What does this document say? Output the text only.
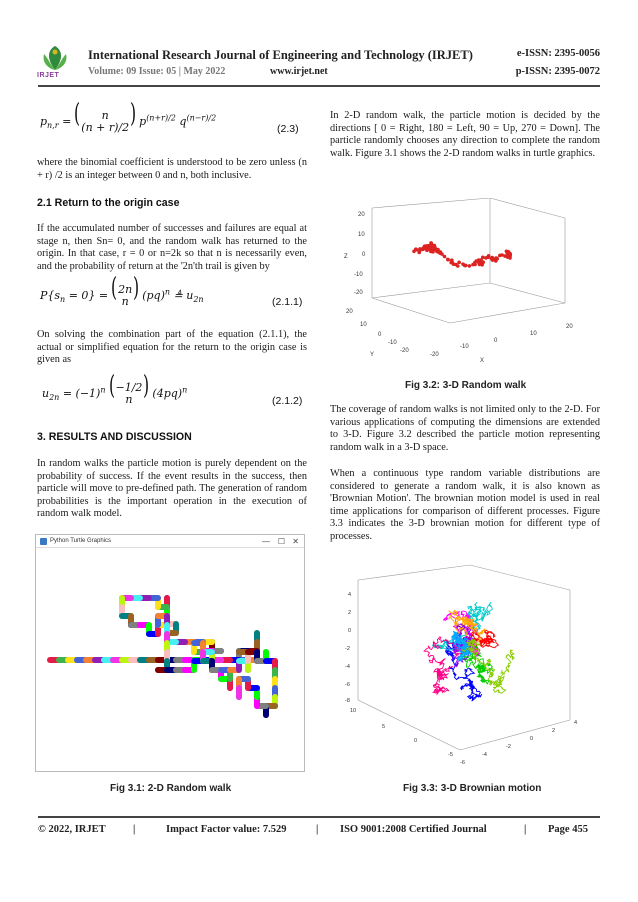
IRJET
International Research Journal of Engineering and Technology (IRJET)
Volume: 09 Issue: 05 | May 2022	www.irjet.net
e-ISSN: 2395-0056
p-ISSN: 2395-0072
$p_{n,r}$ =	( n
(n + r)/2
) $p^{(n+r)/2}$ $q^{(n-r)/2}$
(2.3)
where the binomial coefficient is understood to be zero unless (n + r) /2 is an integer between 0 and n, both inclusive.
2.1 Return to the origin case
If the accumulated number of successes and failures are equal at stage n, then Sn= 0, and the random walk has returned to the origin. In that case, r = 0 or n=2k so that n is necessarily even, and the probability of return at the '2n'th trail is given by
$P\{s_n = 0\}$ = ( 2n
n
) (pq)$^n$ ≜ $u_{2n}$	(2.1.1)
On solving the combination part of the equation (2.1.1), the actual or simplified equation for the return to the origin case is given as
$u_{2n} = (-1)^n$ ( −1/2
n
)	$(4pq)^n$
(2.1.2)
3. RESULTS AND DISCUSSION
In random walks the particle motion is purely dependent on the probability of success. If the event results in the success, then particle will move to pre-defined path. The generation of random probabilities is the important operation in the execution of random walk model.
Python Turtle Graphics	— ☐ ✕
Fig 3.1: 2-D Random walk
In 2-D random walk, the particle motion is decided by the directions [ 0 = Right, 180 = Left, 90 = Up, 270 = Down]. The particle randomly chooses any direction to complete the random walk. Figure 3.1 shows the 2-D random walks in turtle graphics.
20
10
0
-10
-20
Z
20
10
0
-10
-20
Y	-20
-10
0
10
20
X
Fig 3.2: 3-D Random walk
The coverage of random walks is not limited only to the 2-D. For various applications of computing the dimensions are extended to 3-D. Figure 3.2 described the particle motion representing random walk in a 3-D space.
When a continuous type random variable distributions are considered to generate a random walk, it is also known as 'Brownian Motion'. The brownian motion model is used in real time applications for comparison of different processes. Figure 3.3 indicates the 3-D brownian motion for different type of processes.
4
2
0
-2
-4
-6
-8
10
5
0
-5
-6
-4
-2
0
2
4
Fig 3.3: 3-D Brownian motion
© 2022, IRJET	|	Impact Factor value: 7.529	| ISO 9001:2008 Certified Journal	| Page 455
